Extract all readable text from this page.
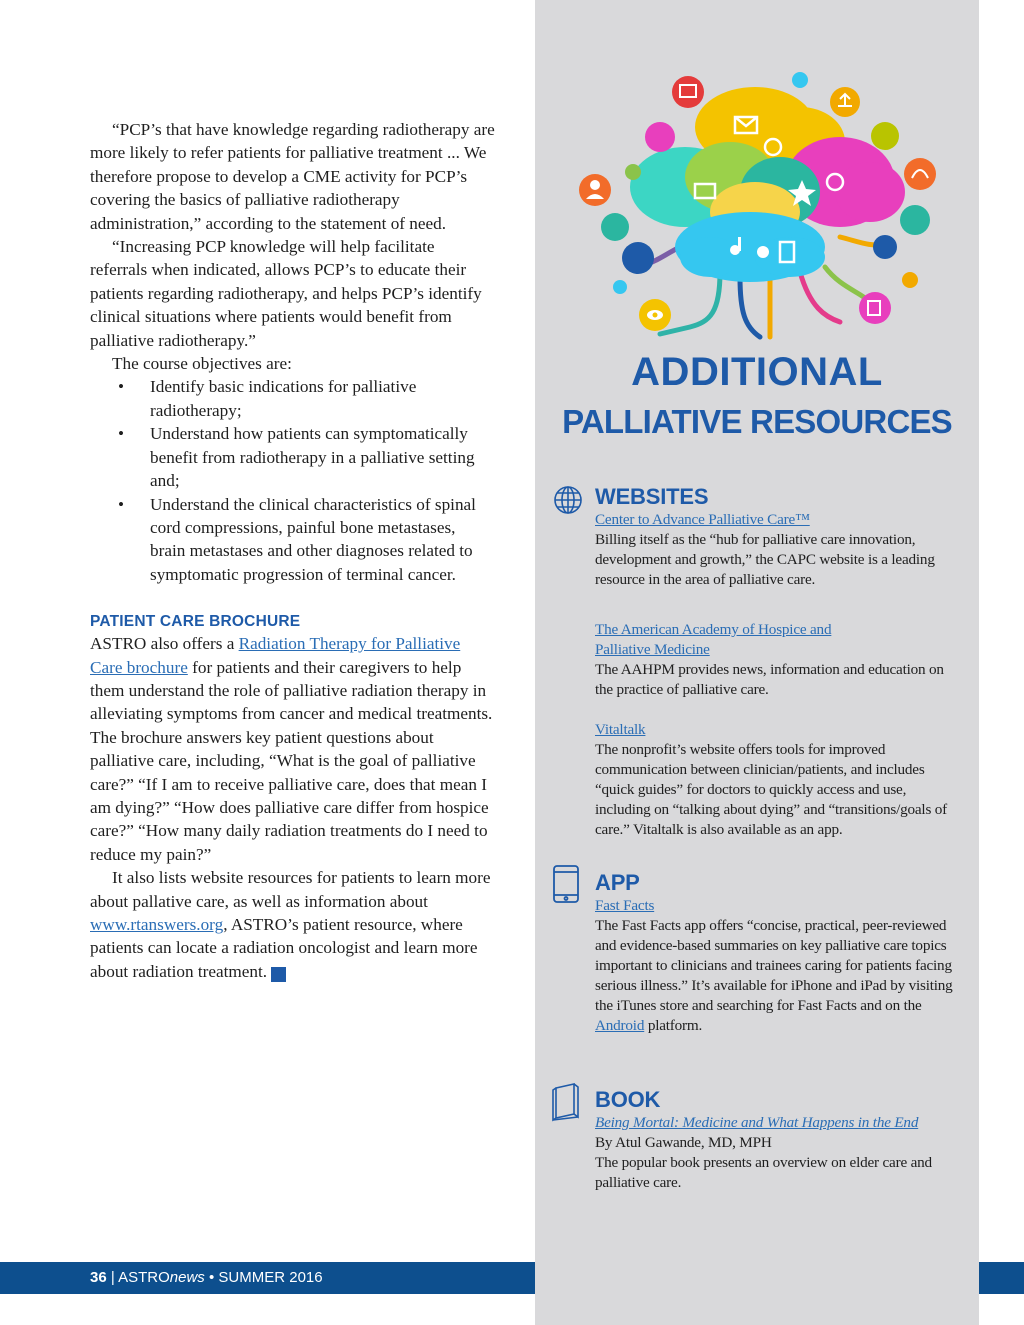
“PCP’s that have knowledge regarding radiotherapy are more likely to refer patients for palliative treatment ... We therefore propose to develop a CME activity for PCP’s covering the basics of palliative radiotherapy administration,” according to the statement of need.

“Increasing PCP knowledge will help facilitate referrals when indicated, allows PCP’s to educate their patients regarding radiotherapy, and helps PCP’s identify clinical situations where patients would benefit from palliative radiotherapy.”

The course objectives are:

• Identify basic indications for palliative radiotherapy;
• Understand how patients can symptomatically benefit from radiotherapy in a palliative setting and;
• Understand the clinical characteristics of spinal cord compressions, painful bone metastases, brain metastases and other diagnoses related to symptomatic progression of terminal cancer.
PATIENT CARE BROCHURE

ASTRO also offers a Radiation Therapy for Palliative Care brochure for patients and their caregivers to help them understand the role of palliative radiation therapy in alleviating symptoms from cancer and medical treatments. The brochure answers key patient questions about palliative care, including, “What is the goal of palliative care?” “If I am to receive palliative care, does that mean I am dying?” “How does palliative care differ from hospice care?” “How many daily radiation treatments do I need to reduce my pain?”

It also lists website resources for patients to learn more about pallative care, as well as information about www.rtanswers.org, ASTRO’s patient resource, where patients can locate a radiation oncologist and learn more about radiation treatment. A

ADDITIONAL
PALLIATIVE RESOURCES
WEBSITES

Center to Advance Palliative Care™

Billing itself as the “hub for palliative care innovation, development and growth,” the CAPC website is a leading resource in the area of palliative care.

The American Academy of Hospice and
Palliative Medicine

The AAHPM provides news, information and education on the practice of palliative care.

Vitaltalk

The nonprofit’s website offers tools for improved communication between clinician/patients, and includes “quick guides” for doctors to quickly access and use, including on “talking about dying” and “transitions/goals of care.” Vitaltalk is also available as an app.

APP

Fast Facts

The Fast Facts app offers “concise, practical, peer-reviewed and evidence-based summaries on key palliative care topics important to clinicians and trainees caring for patients facing serious illness.” It’s available for iPhone and iPad by visiting the iTunes store and searching for Fast Facts and on the Android platform.

BOOK

Being Mortal: Medicine and What Happens in the End

By Atul Gawande, MD, MPH

The popular book presents an overview on elder care and palliative care.

36 | ASTROnews • SUMMER 2016
